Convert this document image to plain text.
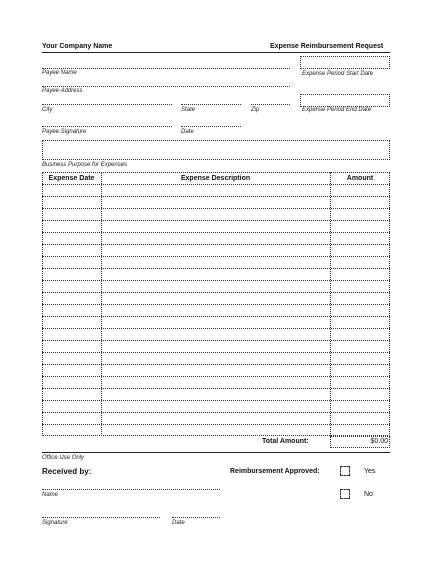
Your Company Name	Expense Reimbursement Request
Payee Name	Expense Period Start Date
Payee Address
City	State	Zip	Expense Period End Date
Payee Signature	Date
Business Purpose for Expenses
Expense Date	Expense Description	Amount
Total Amount:	$0.00
Office Use Only
Received by:	Reimbursement Approved:	Yes
No
Name
Signature	Date
